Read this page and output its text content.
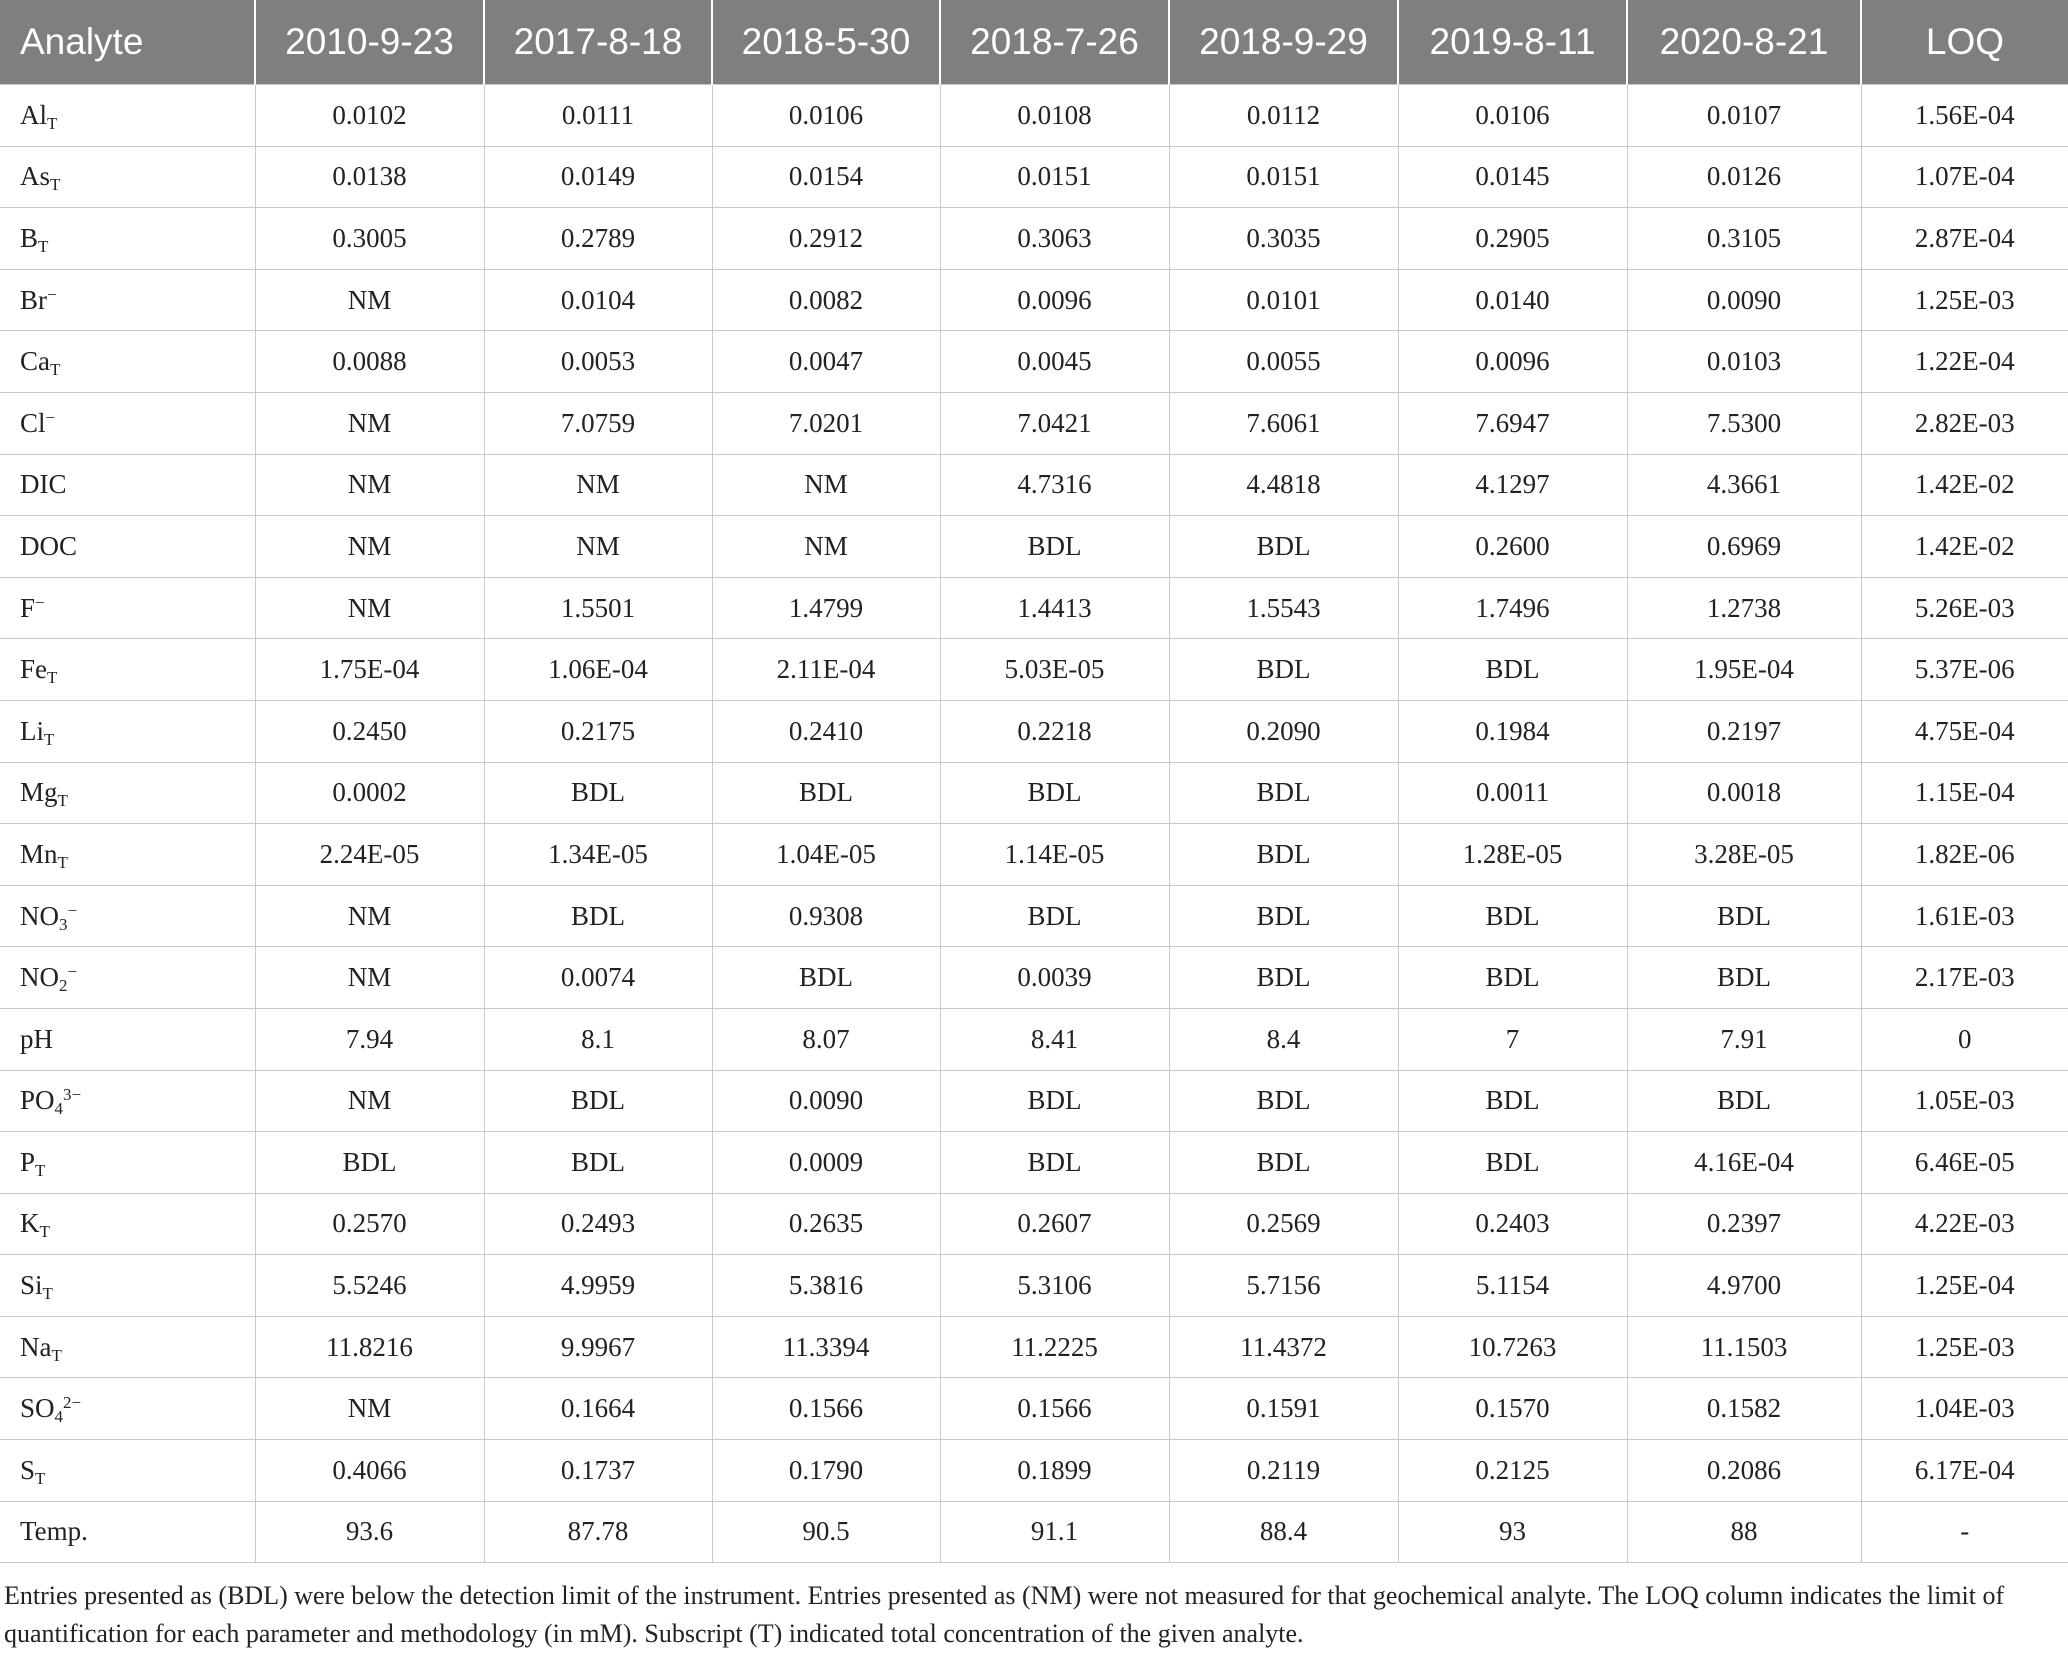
Analyte	2010-9-23	2017-8-18	2018-5-30	2018-7-26	2018-9-29	2019-8-11	2020-8-21	LOQ
$Al_T$	0.0102	0.0111	0.0106	0.0108	0.0112	0.0106	0.0107	1.56E-04
$As_T$	0.0138	0.0149	0.0154	0.0151	0.0151	0.0145	0.0126	1.07E-04
$B_T$	0.3005	0.2789	0.2912	0.3063	0.3035	0.2905	0.3105	2.87E-04
Br−	NM	0.0104	0.0082	0.0096	0.0101	0.0140	0.0090	1.25E-03
$Ca_T$	0.0088	0.0053	0.0047	0.0045	0.0055	0.0096	0.0103	1.22E-04
Cl−	NM	7.0759	7.0201	7.0421	7.6061	7.6947	7.5300	2.82E-03
DIC	NM	NM	NM	4.7316	4.4818	4.1297	4.3661	1.42E-02
DOC	NM	NM	NM	BDL	BDL	0.2600	0.6969	1.42E-02
F−	NM	1.5501	1.4799	1.4413	1.5543	1.7496	1.2738	5.26E-03
$Fe_T$	1.75E-04	1.06E-04	2.11E-04	5.03E-05	BDL	BDL	1.95E-04	5.37E-06
$Li_T$	0.2450	0.2175	0.2410	0.2218	0.2090	0.1984	0.2197	4.75E-04
$Mg_T$	0.0002	BDL	BDL	BDL	BDL	0.0011	0.0018	1.15E-04
$Mn_T$	2.24E-05	1.34E-05	1.04E-05	1.14E-05	BDL	1.28E-05	3.28E-05	1.82E-06
$NO_3^-$	NM	BDL	0.9308	BDL	BDL	BDL	BDL	1.61E-03
$NO_2^-$	NM	0.0074	BDL	0.0039	BDL	BDL	BDL	2.17E-03
pH	7.94	8.1	8.07	8.41	8.4	7	7.91	0
$PO_4^{3-}$	NM	BDL	0.0090	BDL	BDL	BDL	BDL	1.05E-03
$P_T$	BDL	BDL	0.0009	BDL	BDL	BDL	4.16E-04	6.46E-05
$K_T$	0.2570	0.2493	0.2635	0.2607	0.2569	0.2403	0.2397	4.22E-03
$Si_T$	5.5246	4.9959	5.3816	5.3106	5.7156	5.1154	4.9700	1.25E-04
$Na_T$	11.8216	9.9967	11.3394	11.2225	11.4372	10.7263	11.1503	1.25E-03
$SO_4^{2-}$	NM	0.1664	0.1566	0.1566	0.1591	0.1570	0.1582	1.04E-03
$S_T$	0.4066	0.1737	0.1790	0.1899	0.2119	0.2125	0.2086	6.17E-04
Temp.	93.6	87.78	90.5	91.1	88.4	93	88	-
Entries presented as (BDL) were below the detection limit of the instrument. Entries presented as (NM) were not measured for that geochemical analyte. The LOQ column indicates the limit of quantification for each parameter and methodology (in mM). Subscript (T) indicated total concentration of the given analyte.
